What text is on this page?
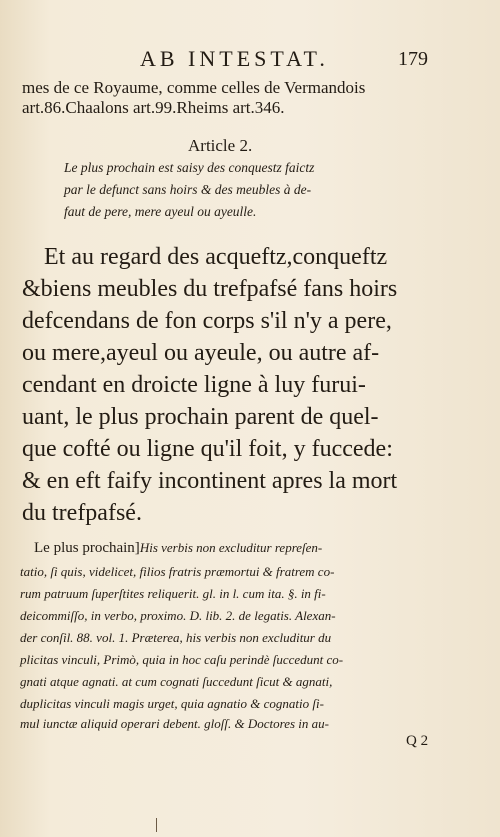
AB INTESTAT.	179
mes de ce Royaume, comme celles de Vermandois
art.86.Chaalons art.99.Rheims art.346.
Article 2.
Le plus prochain est saisy des conquestz faictz
par le defunct sans hoirs & des meubles à de-
faut de pere, mere ayeul ou ayeulle.
Et au regard des acqueftz,conqueftz
&biens meubles du trefpafsé fans hoirs
defcendans de fon corps s'il n'y a pere,
ou mere,ayeul ou ayeule, ou autre af-
cendant en droicte ligne à luy furui-
uant, le plus prochain parent de quel-
que cofté ou ligne qu'il foit, y fuccede:
& en eft faify incontinent apres la mort
du trefpafsé.
Le plus prochain]His verbis non excluditur repreſen-
tatio, ſi quis, videlicet, filios fratris præmortui & fratrem co-
rum patruum ſuperſtites reliquerit. gl. in l. cum ita. §. in fi-
deicommiſſo, in verbo, proximo. D. lib. 2. de legatis. Alexan-
der conſil. 88. vol. 1. Præterea, his verbis non excluditur du
plicitas vinculi, Primò, quia in hoc caſu perindè ſuccedunt co-
gnati atque agnati. at cum cognati ſuccedunt ſicut & agnati,
duplicitas vinculi magis urget, quia agnatio & cognatio ſi-
mul iunctæ aliquid operari debent. gloſſ. & Doctores in au-
Q 2
